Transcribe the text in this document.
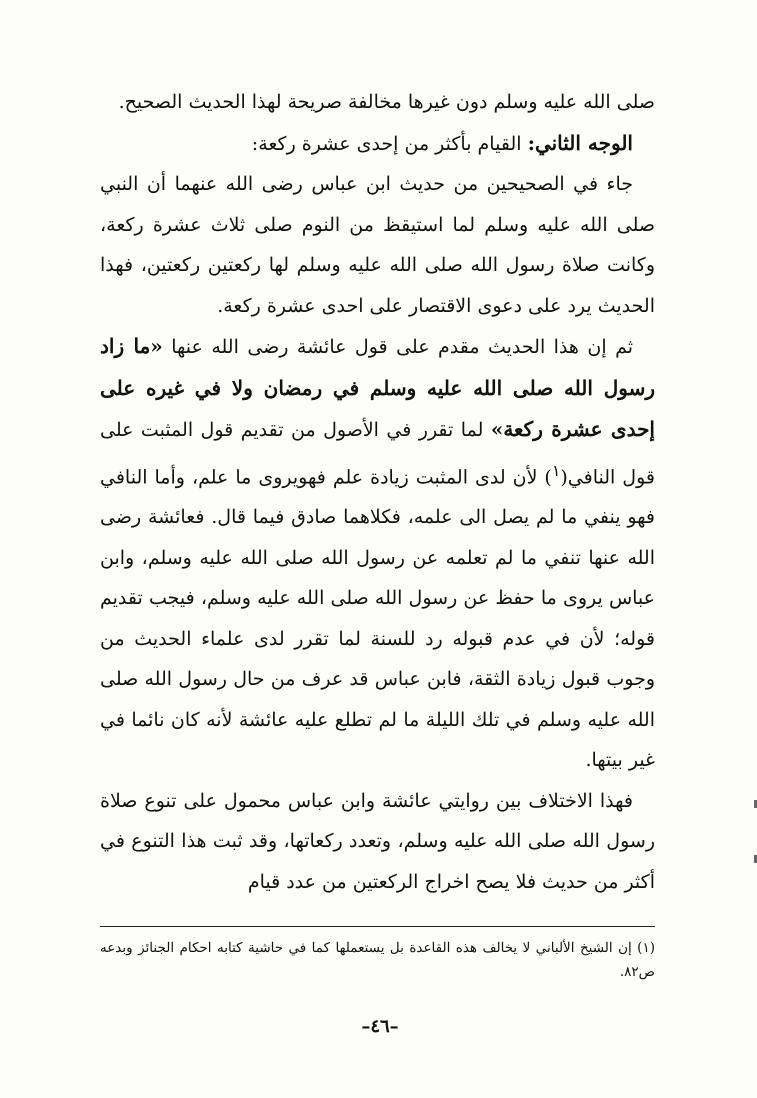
صلى الله عليه وسلم دون غيرها مخالفة صريحة لهذا الحديث الصحيح.

الوجه الثاني: القيام بأكثر من إحدى عشرة ركعة:

جاء في الصحيحين من حديث ابن عباس رضى الله عنهما أن النبي صلى الله عليه وسلم لما استيقظ من النوم صلى ثلاث عشرة ركعة، وكانت صلاة رسول الله صلى الله عليه وسلم لها ركعتين ركعتين، فهذا الحديث يرد على دعوى الاقتصار على احدى عشرة ركعة.

ثم إن هذا الحديث مقدم على قول عائشة رضى الله عنها «ما زاد رسول الله صلى الله عليه وسلم في رمضان ولا في غيره على إحدى عشرة ركعة» لما تقرر في الأصول من تقديم قول المثبت على قول النافي($^١$) لأن لدى المثبت زيادة علم فهويروى ما علم، وأما النافي فهو ينفي ما لم يصل الى علمه، فكلاهما صادق فيما قال. فعائشة رضى الله عنها تنفي ما لم تعلمه عن رسول الله صلى الله عليه وسلم، وابن عباس يروى ما حفظ عن رسول الله صلى الله عليه وسلم، فيجب تقديم قوله؛ لأن في عدم قبوله رد للسنة لما تقرر لدى علماء الحديث من وجوب قبول زيادة الثقة، فابن عباس قد عرف من حال رسول الله صلى الله عليه وسلم في تلك الليلة ما لم تطلع عليه عائشة لأنه كان نائما في غير بيتها.

فهذا الاختلاف بين روايتي عائشة وابن عباس محمول على تنوع صلاة رسول الله صلى الله عليه وسلم، وتعدد ركعاتها، وقد ثبت هذا التنوع في أكثر من حديث فلا يصح اخراج الركعتين من عدد قيام

(١) إن الشيخ الألباني لا يخالف هذه القاعدة بل يستعملها كما في حاشية كتابه احكام الجنائز وبدعه ص٨٢.
–٤٦–
